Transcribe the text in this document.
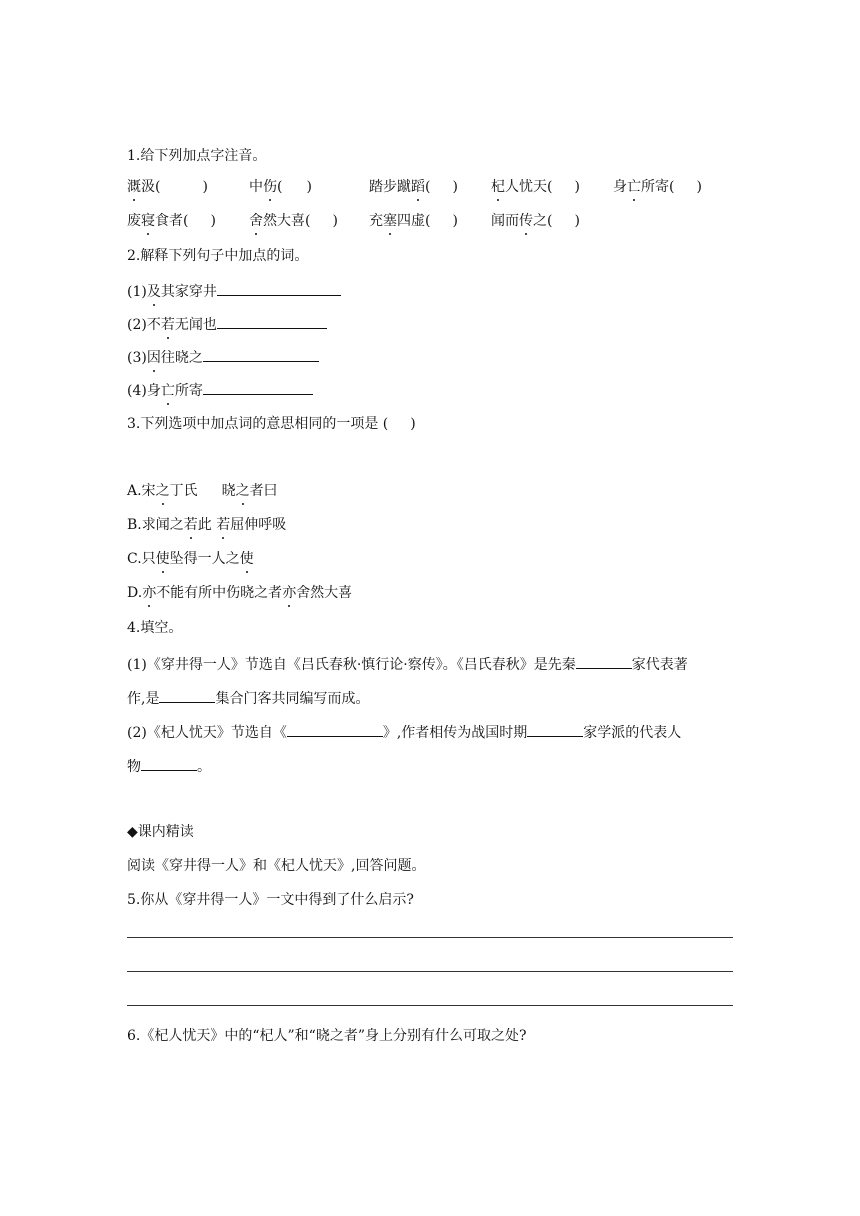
1.给下列加点字注音。
溉汲(	)	中伤( )	踏步蹴蹈( ) 杞人忧天( ) 身亡所寄( )
废寝食者( ) 舍然大喜( ) 充塞四虚( ) 闻而传之( )
2.解释下列句子中加点的词。
(1)及其家穿井
(2)不若无闻也
(3)因往晓之
(4)身亡所寄
3.下列选项中加点词的意思相同的一项是 ( )
A.宋之丁氏 晓之者曰
B.求闻之若此 若屈伸呼吸
C.只使坠得一人之使
D.亦不能有所中伤晓之者亦舍然大喜
4.填空。
(1)《穿井得一人》节选自《吕氏春秋·慎行论·察传》。《吕氏春秋》是先秦	家代表著
作,是	集合门客共同编写而成。
(2)《杞人忧天》节选自《	》,作者相传为战国时期	家学派的代表人
物	。
◆课内精读
阅读《穿井得一人》和《杞人忧天》,回答问题。
5.你从《穿井得一人》一文中得到了什么启示?
6.《杞人忧天》中的“杞人”和“晓之者”身上分别有什么可取之处?
